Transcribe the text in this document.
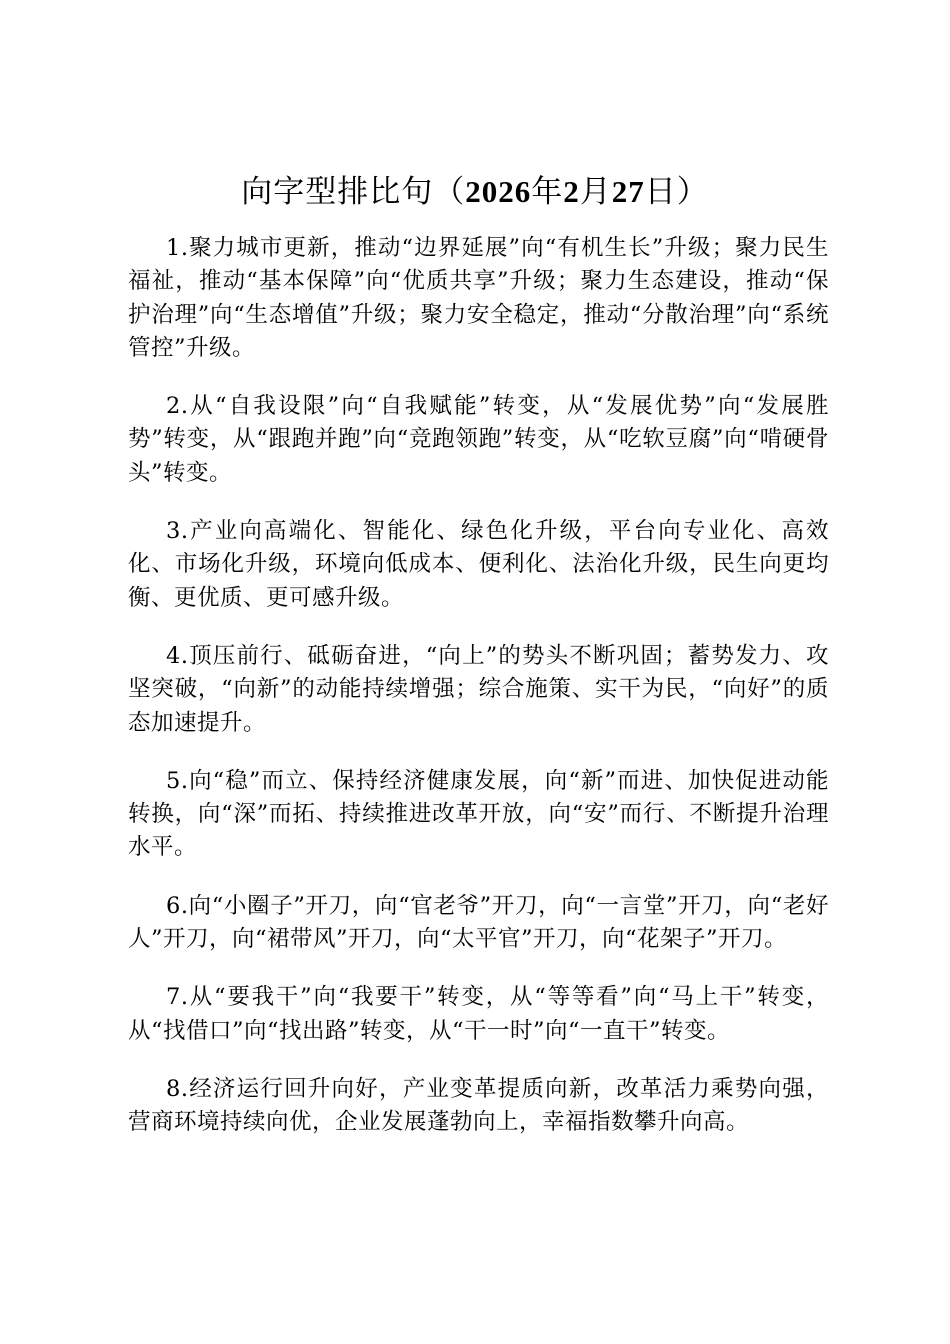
向字型排比句（2026年2月27日）

1.聚力城市更新，推动“边界延展”向“有机生长”升级；聚力民生福祉，推动“基本保障”向“优质共享”升级；聚力生态建设，推动“保护治理”向“生态增值”升级；聚力安全稳定，推动“分散治理”向“系统管控”升级。

2.从“自我设限”向“自我赋能”转变，从“发展优势”向“发展胜势”转变，从“跟跑并跑”向“竞跑领跑”转变，从“吃软豆腐”向“啃硬骨头”转变。

3.产业向高端化、智能化、绿色化升级，平台向专业化、高效化、市场化升级，环境向低成本、便利化、法治化升级，民生向更均衡、更优质、更可感升级。

4.顶压前行、砥砺奋进，“向上”的势头不断巩固；蓄势发力、攻坚突破，“向新”的动能持续增强；综合施策、实干为民，“向好”的质态加速提升。

5.向“稳”而立、保持经济健康发展，向“新”而进、加快促进动能转换，向“深”而拓、持续推进改革开放，向“安”而行、不断提升治理水平。

6.向“小圈子”开刀，向“官老爷”开刀，向“一言堂”开刀，向“老好人”开刀，向“裙带风”开刀，向“太平官”开刀，向“花架子”开刀。

7.从“要我干”向“我要干”转变，从“等等看”向“马上干”转变，从“找借口”向“找出路”转变，从“干一时”向“一直干”转变。

8.经济运行回升向好，产业变革提质向新，改革活力乘势向强，营商环境持续向优，企业发展蓬勃向上，幸福指数攀升向高。
